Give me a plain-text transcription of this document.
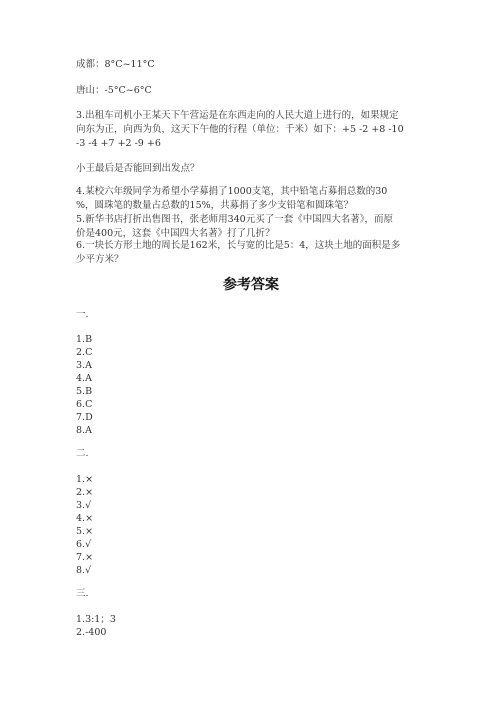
成都：8°C~11°C
唐山：-5°C~6°C
3.出租车司机小王某天下午营运是在东西走向的人民大道上进行的，如果规定
向东为正，向西为负，这天下午他的行程（单位：千米）如下：+5 -2 +8 -10
-3 -4 +7 +2 -9 +6
小王最后是否能回到出发点？
4.某校六年级同学为希望小学募捐了1000支笔，其中铅笔占募捐总数的30
%，圆珠笔的数量占总数的15%，共募捐了多少支铅笔和圆珠笔？
5.新华书店打折出售图书，张老师用340元买了一套《中国四大名著》，而原
价是400元，这套《中国四大名著》打了几折？
6.一块长方形土地的周长是162米，长与宽的比是5：4，这块土地的面积是多
少平方米？
参考答案
一.
1.B
2.C
3.A
4.A
5.B
6.C
7.D
8.A
二.
1.×
2.×
3.√
4.×
5.×
6.√
7.×
8.√
三.
1.3:1；3
2.-400
